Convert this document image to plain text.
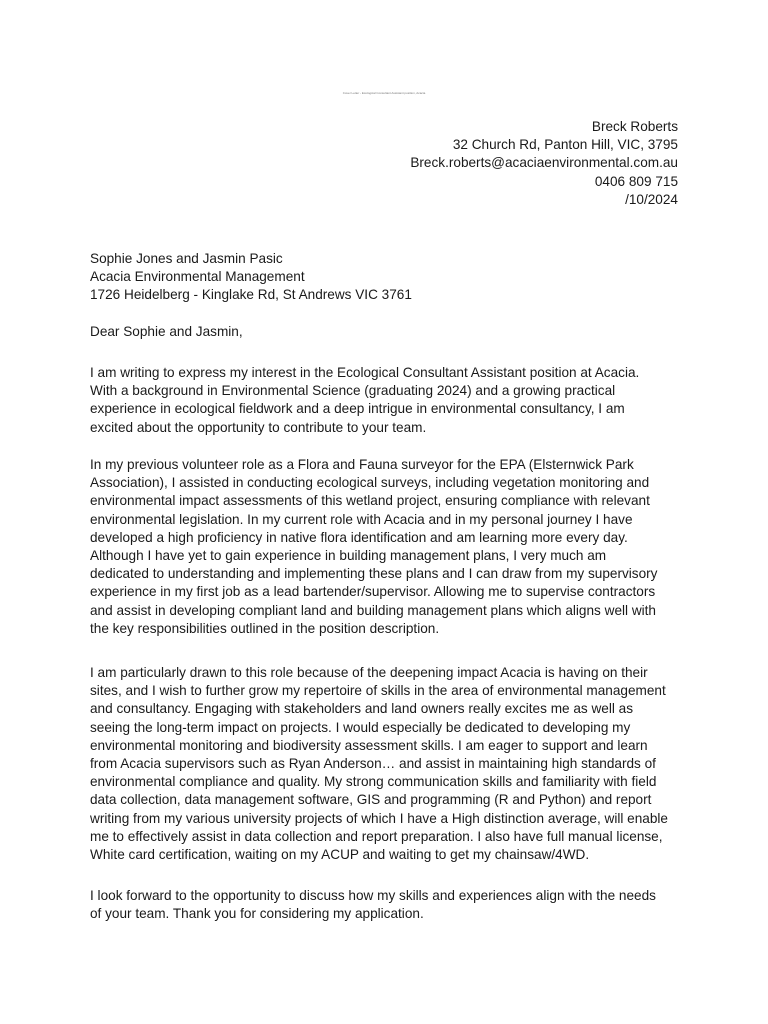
Cover Letter - Ecological Consultant Assistant position, Acacia
Breck Roberts
32 Church Rd, Panton Hill, VIC, 3795
Breck.roberts@acaciaenvironmental.com.au
0406 809 715
/10/2024
Sophie Jones and Jasmin Pasic
Acacia Environmental Management
1726 Heidelberg - Kinglake Rd, St Andrews VIC 3761
Dear Sophie and Jasmin,
I am writing to express my interest in the Ecological Consultant Assistant position at Acacia.
With a background in Environmental Science (graduating 2024) and a growing practical
experience in ecological fieldwork and a deep intrigue in environmental consultancy, I am
excited about the opportunity to contribute to your team.
In my previous volunteer role as a Flora and Fauna surveyor for the EPA (Elsternwick Park
Association), I assisted in conducting ecological surveys, including vegetation monitoring and
environmental impact assessments of this wetland project, ensuring compliance with relevant
environmental legislation. In my current role with Acacia and in my personal journey I have
developed a high proficiency in native flora identification and am learning more every day.
Although I have yet to gain experience in building management plans, I very much am
dedicated to understanding and implementing these plans and I can draw from my supervisory
experience in my first job as a lead bartender/supervisor. Allowing me to supervise contractors
and assist in developing compliant land and building management plans which aligns well with
the key responsibilities outlined in the position description.
I am particularly drawn to this role because of the deepening impact Acacia is having on their
sites, and I wish to further grow my repertoire of skills in the area of environmental management
and consultancy. Engaging with stakeholders and land owners really excites me as well as
seeing the long-term impact on projects. I would especially be dedicated to developing my
environmental monitoring and biodiversity assessment skills. I am eager to support and learn
from Acacia supervisors such as Ryan Anderson… and assist in maintaining high standards of
environmental compliance and quality. My strong communication skills and familiarity with field
data collection, data management software, GIS and programming (R and Python) and report
writing from my various university projects of which I have a High distinction average, will enable
me to effectively assist in data collection and report preparation. I also have full manual license,
White card certification, waiting on my ACUP and waiting to get my chainsaw/4WD.
I look forward to the opportunity to discuss how my skills and experiences align with the needs
of your team. Thank you for considering my application.
